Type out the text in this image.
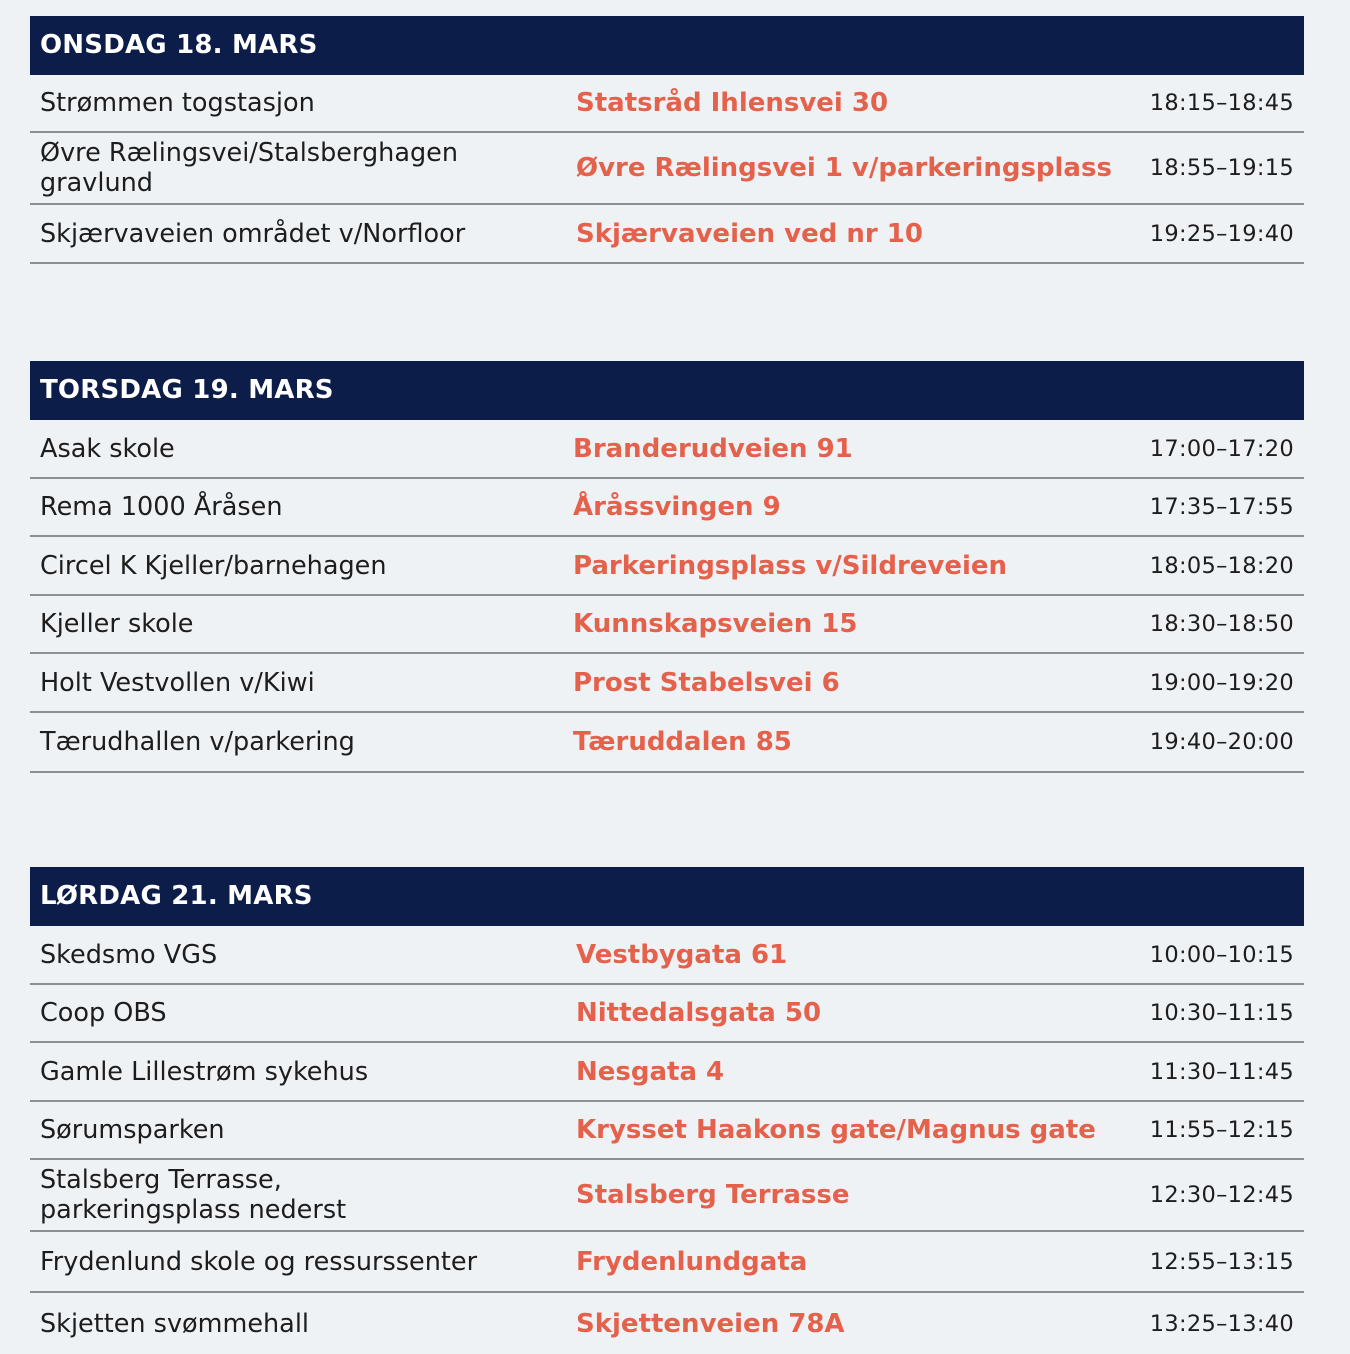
ONSDAG 18. MARS
Strømmen togstasjon	Statsråd Ihlensvei 30	18:15–18:45
Øvre Rælingsvei/Stalsberghagen gravlund	Øvre Rælingsvei 1 v/parkeringsplass	18:55–19:15
Skjærvaveien området v/Norfloor	Skjærvaveien ved nr 10	19:25–19:40
TORSDAG 19. MARS
Asak skole	Branderudveien 91	17:00–17:20
Rema 1000 Åråsen	Åråssvingen 9	17:35–17:55
Circel K Kjeller/barnehagen	Parkeringsplass v/Sildreveien	18:05–18:20
Kjeller skole	Kunnskapsveien 15	18:30–18:50
Holt Vestvollen v/Kiwi	Prost Stabelsvei 6	19:00–19:20
Tærudhallen v/parkering	Tæruddalen 85	19:40–20:00
LØRDAG 21. MARS
Skedsmo VGS	Vestbygata 61	10:00–10:15
Coop OBS	Nittedalsgata 50	10:30–11:15
Gamle Lillestrøm sykehus	Nesgata 4	11:30–11:45
Sørumsparken	Krysset Haakons gate/Magnus gate	11:55–12:15
Stalsberg Terrasse, parkeringsplass nederst	Stalsberg Terrasse	12:30–12:45
Frydenlund skole og ressurssenter	Frydenlundgata	12:55–13:15
Skjetten svømmehall	Skjettenveien 78A	13:25–13:40
